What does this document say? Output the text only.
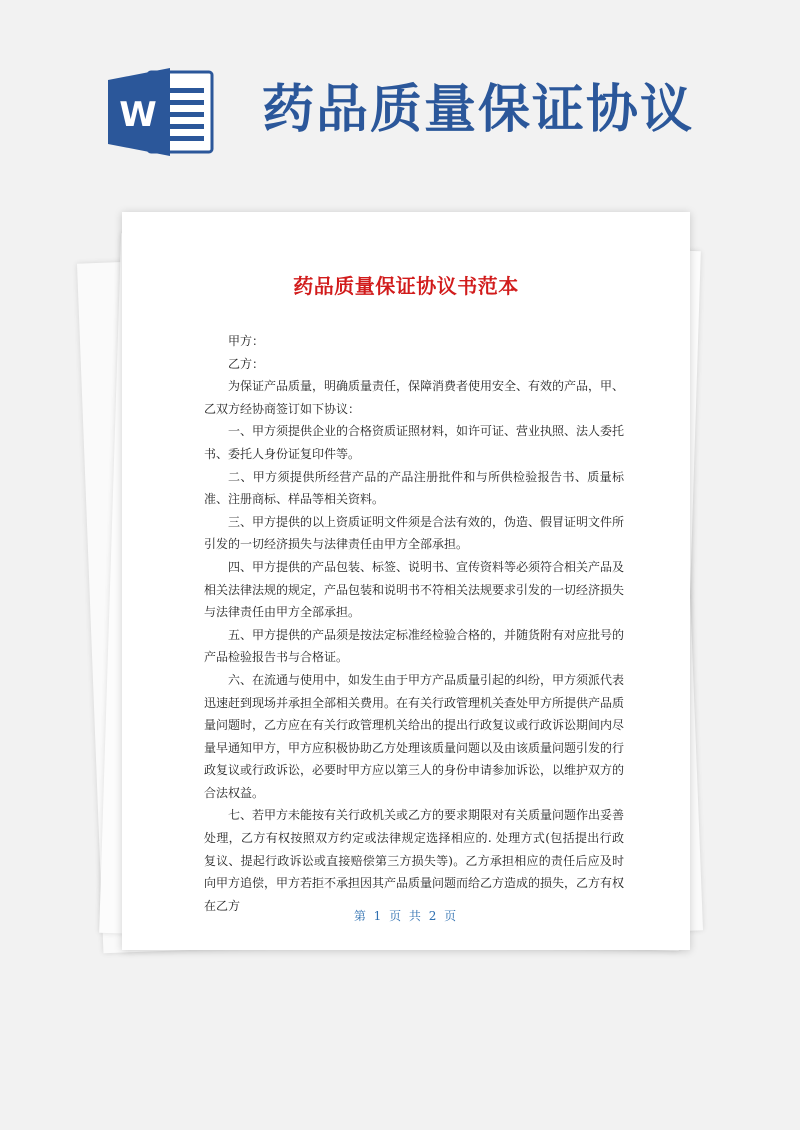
W 药品质量保证协议
药品质量保证协议书范本

甲方：

乙方：

为保证产品质量，明确质量责任，保障消费者使用安全、有效的产品，甲、乙双方经协商签订如下协议：

一、甲方须提供企业的合格资质证照材料，如许可证、营业执照、法人委托书、委托人身份证复印件等。

二、甲方须提供所经营产品的产品注册批件和与所供检验报告书、质量标准、注册商标、样品等相关资料。

三、甲方提供的以上资质证明文件须是合法有效的，伪造、假冒证明文件所引发的一切经济损失与法律责任由甲方全部承担。

四、甲方提供的产品包装、标签、说明书、宣传资料等必须符合相关产品及相关法律法规的规定，产品包装和说明书不符相关法规要求引发的一切经济损失与法律责任由甲方全部承担。

五、甲方提供的产品须是按法定标准经检验合格的，并随货附有对应批号的产品检验报告书与合格证。

六、在流通与使用中，如发生由于甲方产品质量引起的纠纷，甲方须派代表迅速赶到现场并承担全部相关费用。在有关行政管理机关查处甲方所提供产品质量问题时，乙方应在有关行政管理机关给出的提出行政复议或行政诉讼期间内尽量早通知甲方，甲方应积极协助乙方处理该质量问题以及由该质量问题引发的行政复议或行政诉讼，必要时甲方应以第三人的身份申请参加诉讼，以维护双方的合法权益。

七、若甲方未能按有关行政机关或乙方的要求期限对有关质量问题作出妥善处理，乙方有权按照双方约定或法律规定选择相应的. 处理方式(包括提出行政复议、提起行政诉讼或直接赔偿第三方损失等)。乙方承担相应的责任后应及时向甲方追偿，甲方若拒不承担因其产品质量问题而给乙方造成的损失，乙方有权在乙方

第 1 页 共 2 页
